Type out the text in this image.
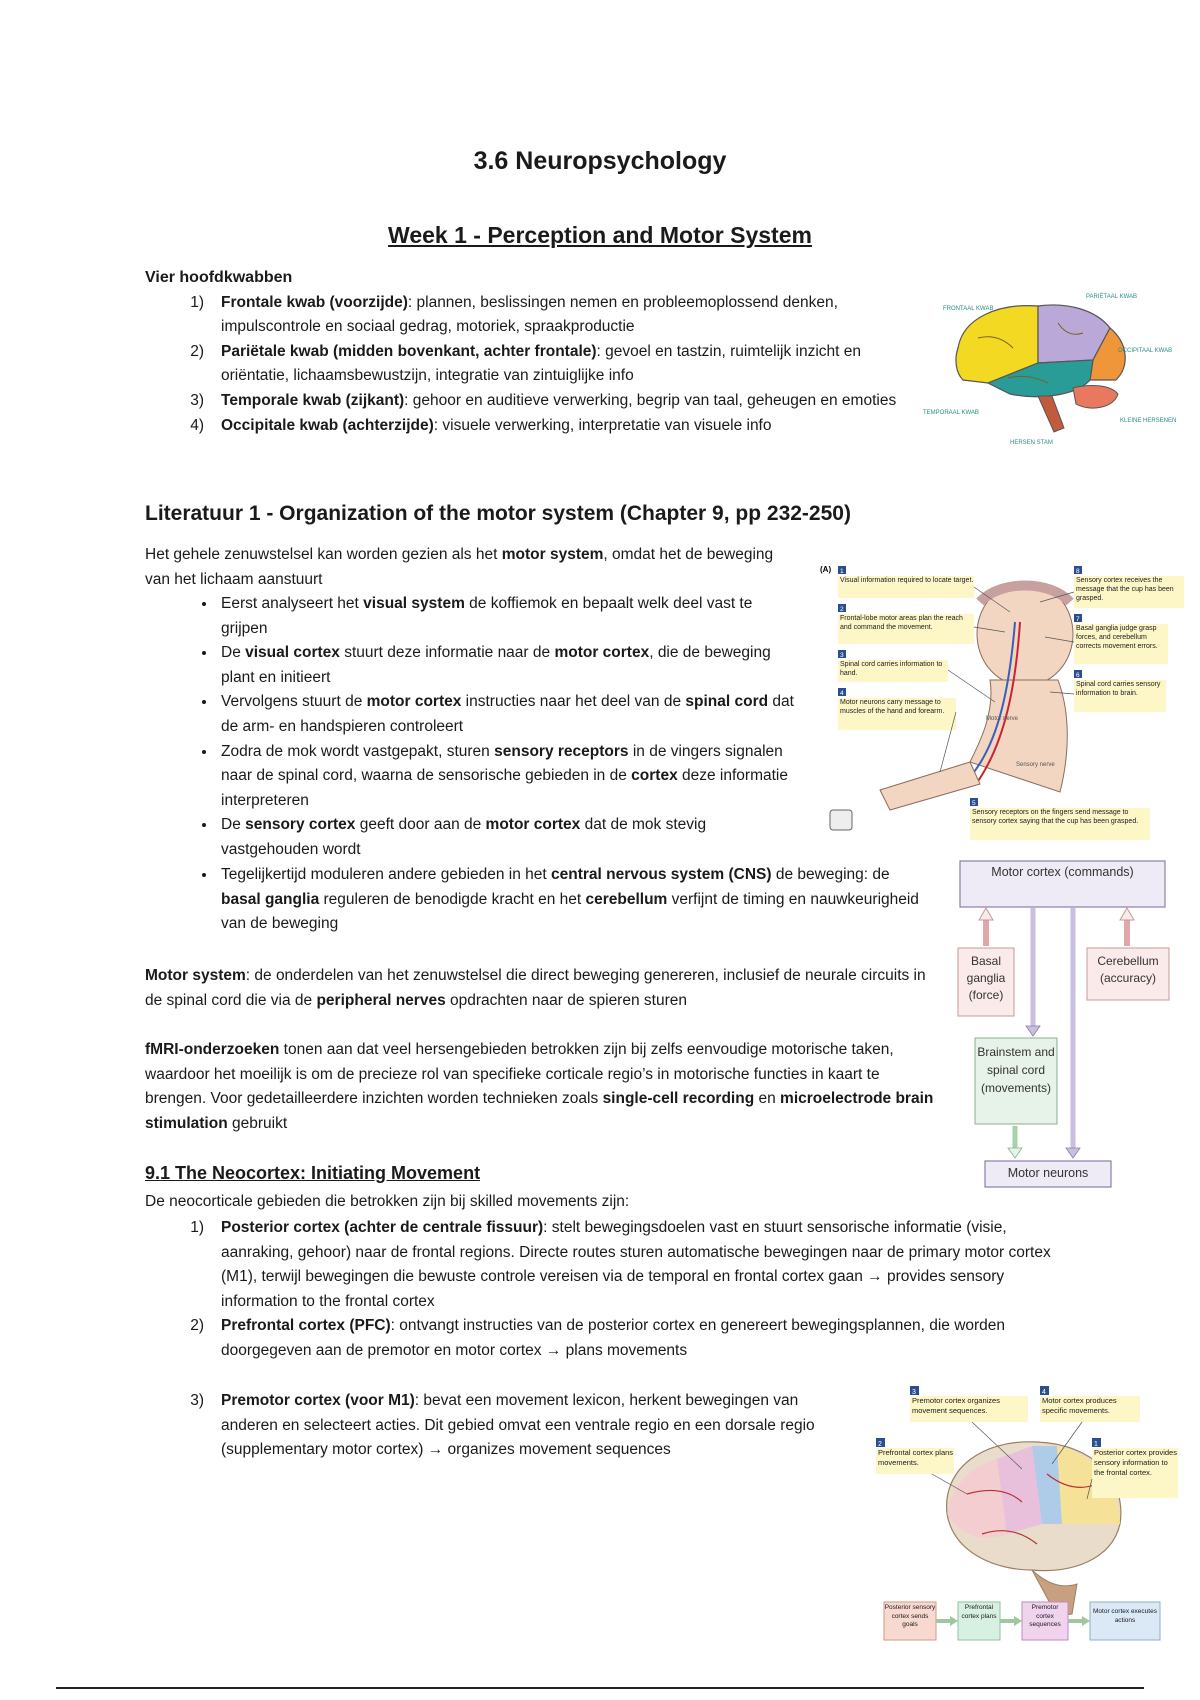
3.6 Neuropsychology
Week 1 - Perception and Motor System
Vier hoofdkwabben
1. Frontale kwab (voorzijde): plannen, beslissingen nemen en probleemoplossend denken, impulscontrole en sociaal gedrag, motoriek, spraakproductie
2. Pariëtale kwab (midden bovenkant, achter frontale): gevoel en tastzin, ruimtelijk inzicht en oriëntatie, lichaamsbewustzijn, integratie van zintuiglijke info
3. Temporale kwab (zijkant): gehoor en auditieve verwerking, begrip van taal, geheugen en emoties
4. Occipitale kwab (achterzijde): visuele verwerking, interpretatie van visuele info
FRONTAAL KWAB
PARIËTAAL KWAB
OCCIPITAAL KWAB
TEMPORAAL KWAB
KLEINE HERSENEN
HERSEN STAM
Literatuur 1 - Organization of the motor system (Chapter 9, pp 232-250)

Het gehele zenuwstelsel kan worden gezien als het motor system, omdat het de beweging van het lichaam aanstuurt

• Eerst analyseert het visual system de koffiemok en bepaalt welk deel vast te grijpen
• De visual cortex stuurt deze informatie naar de motor cortex, die de beweging plant en initieert
• Vervolgens stuurt de motor cortex instructies naar het deel van de spinal cord dat de arm- en handspieren controleert
• Zodra de mok wordt vastgepakt, sturen sensory receptors in de vingers signalen naar de spinal cord, waarna de sensorische gebieden in de cortex deze informatie interpreteren
• De sensory cortex geeft door aan de motor cortex dat de mok stevig vastgehouden wordt
• Tegelijkertijd moduleren andere gebieden in het central nervous system (CNS) de beweging: de basal ganglia reguleren de benodigde kracht en het cerebellum verfijnt de timing en nauwkeurigheid van de beweging

Motor system: de onderdelen van het zenuwstelsel die direct beweging genereren, inclusief de neurale circuits in de spinal cord die via de peripheral nerves opdrachten naar de spieren sturen

fMRI-onderzoeken tonen aan dat veel hersengebieden betrokken zijn bij zelfs eenvoudige motorische taken, waardoor het moeilijk is om de precieze rol van specifieke corticale regio’s in motorische functies in kaart te brengen. Voor gedetailleerdere inzichten worden technieken zoals single-cell recording en microelectrode brain stimulation gebruikt

(A)
Motor nerve
Sensory nerve
1
Visual information required to locate target.
2
Frontal-lobe motor areas plan the reach and command the movement.
3
Spinal cord carries information to hand.
4
Motor neurons carry message to muscles of the hand and forearm.
8
Sensory cortex receives the message that the cup has been grasped.
7
Basal ganglia judge grasp forces, and cerebellum corrects movement errors.
6
Spinal cord carries sensory information to brain.
5
Sensory receptors on the fingers send message to sensory cortex saying that the cup has been grasped.
Motor cortex (commands)
Basal ganglia (force)
Cerebellum (accuracy)
Brainstem and spinal cord (movements)
Motor neurons
9.1 The Neocortex: Initiating Movement

De neocorticale gebieden die betrokken zijn bij skilled movements zijn:

1. Posterior cortex (achter de centrale fissuur): stelt bewegingsdoelen vast en stuurt sensorische informatie (visie, aanraking, gehoor) naar de frontal regions. Directe routes sturen automatische bewegingen naar de primary motor cortex (M1), terwijl bewegingen die bewuste controle vereisen via de temporal en frontal cortex gaan → provides sensory information to the frontal cortex
2. Prefrontal cortex (PFC): ontvangt instructies van de posterior cortex en genereert bewegingsplannen, die worden doorgegeven aan de premotor en motor cortex → plans movements
3. Premotor cortex (voor M1): bevat een movement lexicon, herkent bewegingen van anderen en selecteert acties. Dit gebied omvat een ventrale regio en een dorsale regio (supplementary motor cortex) → organizes movement sequences
3
Premotor cortex organizes movement sequences.
4
Motor cortex produces specific movements.
2
Prefrontal cortex plans movements.
1
Posterior cortex provides sensory information to the frontal cortex.
Posterior sensory cortex sends goals
Prefrontal cortex plans
Premotor cortex sequences
Motor cortex executes actions
